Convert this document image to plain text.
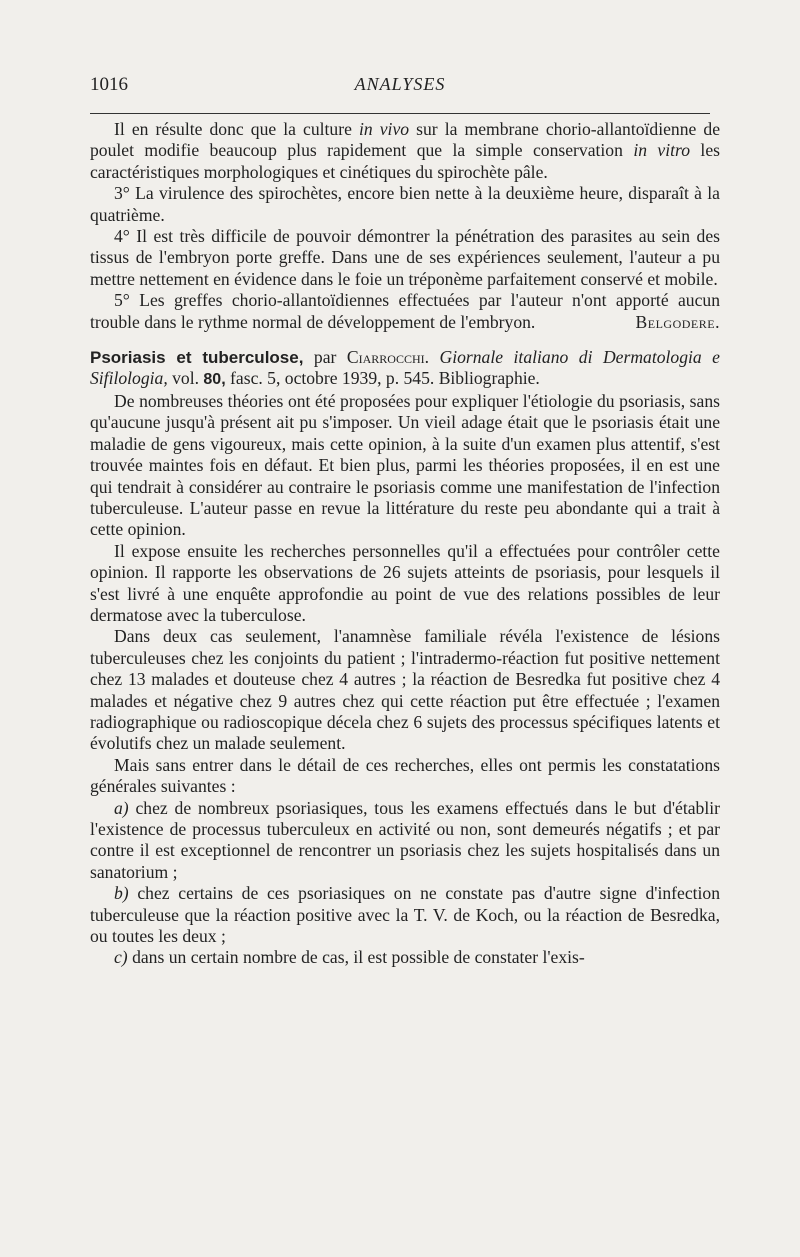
1016	ANALYSES

Il en résulte donc que la culture in vivo sur la membrane chorio-allantoïdienne de poulet modifie beaucoup plus rapidement que la simple conservation in vitro les caractéristiques morphologiques et cinétiques du spirochète pâle.

3° La virulence des spirochètes, encore bien nette à la deuxième heure, disparaît à la quatrième.

4° Il est très difficile de pouvoir démontrer la pénétration des parasites au sein des tissus de l'embryon porte greffe. Dans une de ses expériences seulement, l'auteur a pu mettre nettement en évidence dans le foie un tréponème parfaitement conservé et mobile.

5° Les greffes chorio-allantoïdiennes effectuées par l'auteur n'ont apporté aucun trouble dans le rythme normal de développement de l'embryon.	Belgodere.

Psoriasis et tuberculose, par Ciarrocchi. Giornale italiano di Dermatologia e Sifilologia, vol. 80, fasc. 5, octobre 1939, p. 545. Bibliographie.

De nombreuses théories ont été proposées pour expliquer l'étiologie du psoriasis, sans qu'aucune jusqu'à présent ait pu s'imposer. Un vieil adage était que le psoriasis était une maladie de gens vigoureux, mais cette opinion, à la suite d'un examen plus attentif, s'est trouvée maintes fois en défaut. Et bien plus, parmi les théories proposées, il en est une qui tendrait à considérer au contraire le psoriasis comme une manifestation de l'infection tuberculeuse. L'auteur passe en revue la littérature du reste peu abondante qui a trait à cette opinion.

Il expose ensuite les recherches personnelles qu'il a effectuées pour contrôler cette opinion. Il rapporte les observations de 26 sujets atteints de psoriasis, pour lesquels il s'est livré à une enquête approfondie au point de vue des relations possibles de leur dermatose avec la tuberculose.

Dans deux cas seulement, l'anamnèse familiale révéla l'existence de lésions tuberculeuses chez les conjoints du patient ; l'intradermo-réaction fut positive nettement chez 13 malades et douteuse chez 4 autres ; la réaction de Besredka fut positive chez 4 malades et négative chez 9 autres chez qui cette réaction put être effectuée ; l'examen radiographique ou radioscopique décela chez 6 sujets des processus spécifiques latents et évolutifs chez un malade seulement.

Mais sans entrer dans le détail de ces recherches, elles ont permis les constatations générales suivantes :

a) chez de nombreux psoriasiques, tous les examens effectués dans le but d'établir l'existence de processus tuberculeux en activité ou non, sont demeurés négatifs ; et par contre il est exceptionnel de rencontrer un psoriasis chez les sujets hospitalisés dans un sanatorium ;

b) chez certains de ces psoriasiques on ne constate pas d'autre signe d'infection tuberculeuse que la réaction positive avec la T. V. de Koch, ou la réaction de Besredka, ou toutes les deux ;

c) dans un certain nombre de cas, il est possible de constater l'exis-
